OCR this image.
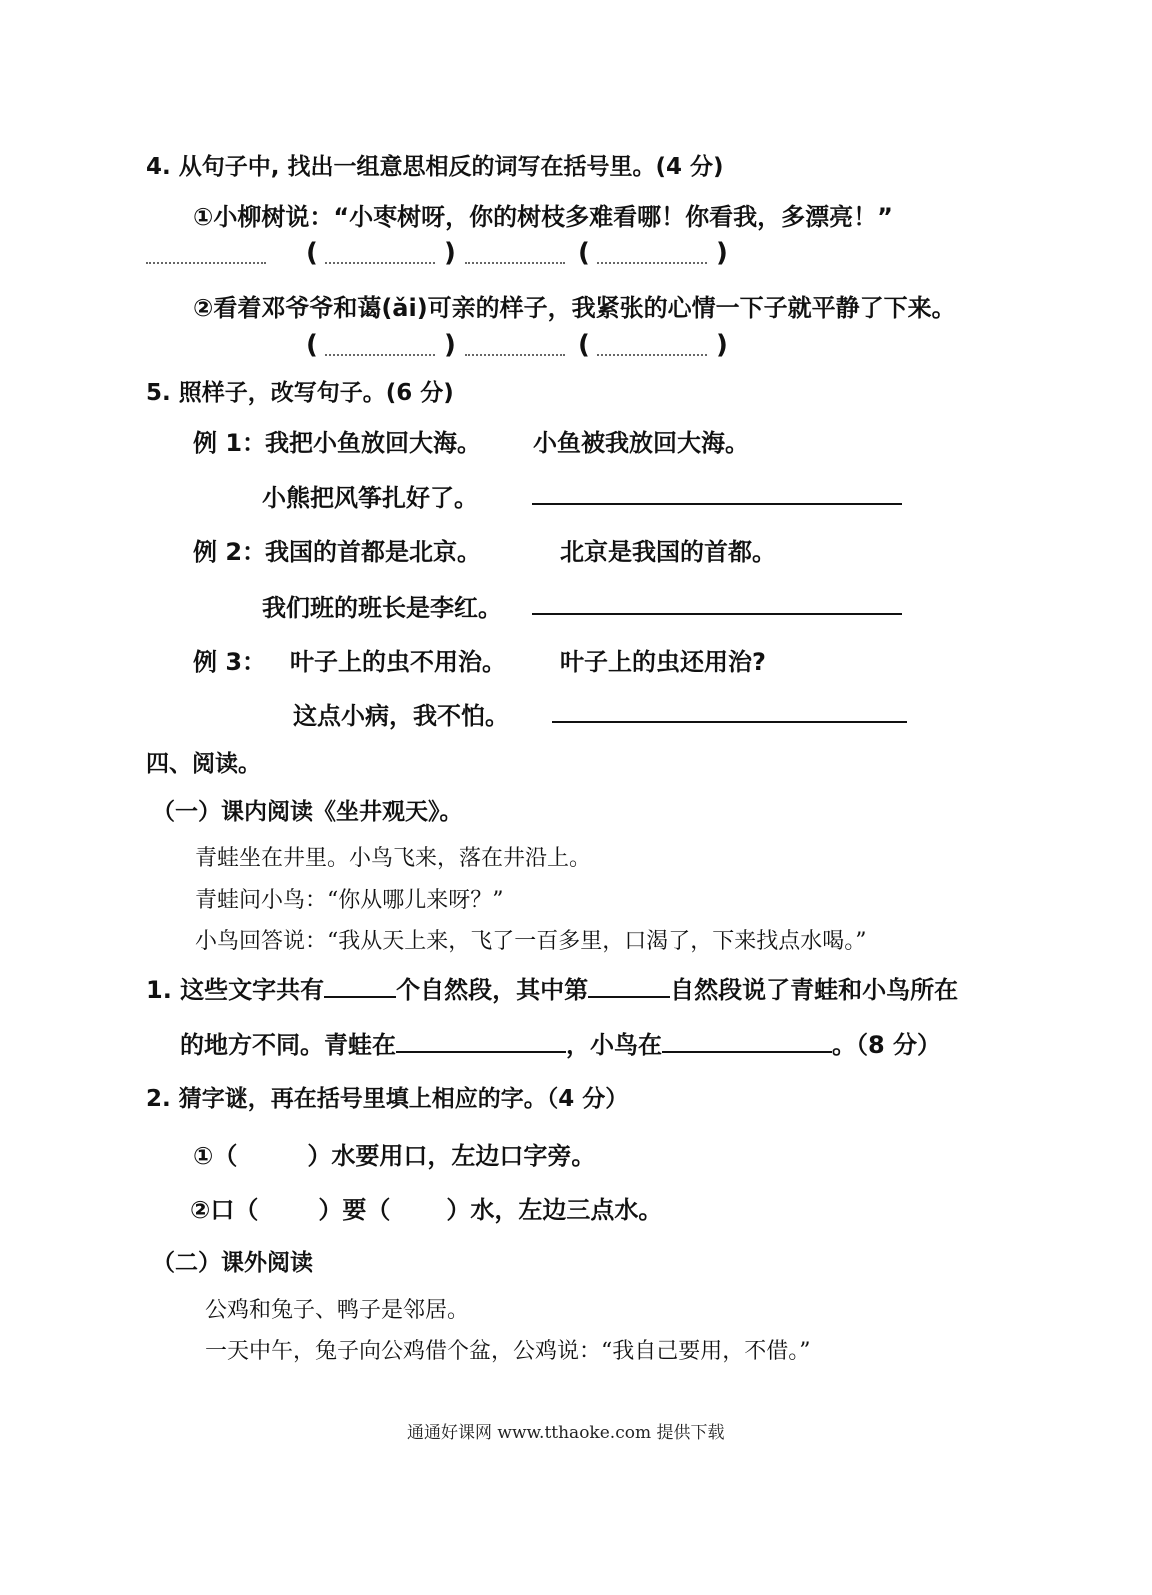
4. 从句子中, 找出一组意思相反的词写在括号里。(4 分)
①小柳树说：“小枣树呀，你的树枝多难看哪！你看我，多漂亮！”
(	)	(	)
②看着邓爷爷和蔼(ǎi)可亲的样子，我紧张的心情一下子就平静了下来。
(	)	(	)
5. 照样子，改写句子。(6 分)
例 1：
我把小鱼放回大海。 小鱼被我放回大海。
小熊把风筝扎好了。
例 2：
我国的首都是北京。	北京是我国的首都。
我们班的班长是李红。
例 3： 叶子上的虫不用治。 叶子上的虫还用治?
这点小病，我不怕。
四、阅读。
（一）课内阅读《坐井观天》。
青蛙坐在井里。小鸟飞来，落在井沿上。
青蛙问小鸟：“你从哪儿来呀？”
小鸟回答说：“我从天上来，飞了一百多里，口渴了，下来找点水喝。”
1. 这些文字共有	个自然段，其中第	自然段说了青蛙和小鸟所在
的地方不同。青蛙在	，小鸟在	。（8 分）
2. 猜字谜，再在括号里填上相应的字。（4 分）
①（	）水要用口，左边口字旁。
②口（	）要（ ）水，左边三点水。
（二）课外阅读
公鸡和兔子、鸭子是邻居。
一天中午，兔子向公鸡借个盆，公鸡说：“我自己要用，不借。”
通通好课网 www.tthaoke.com 提供下载
